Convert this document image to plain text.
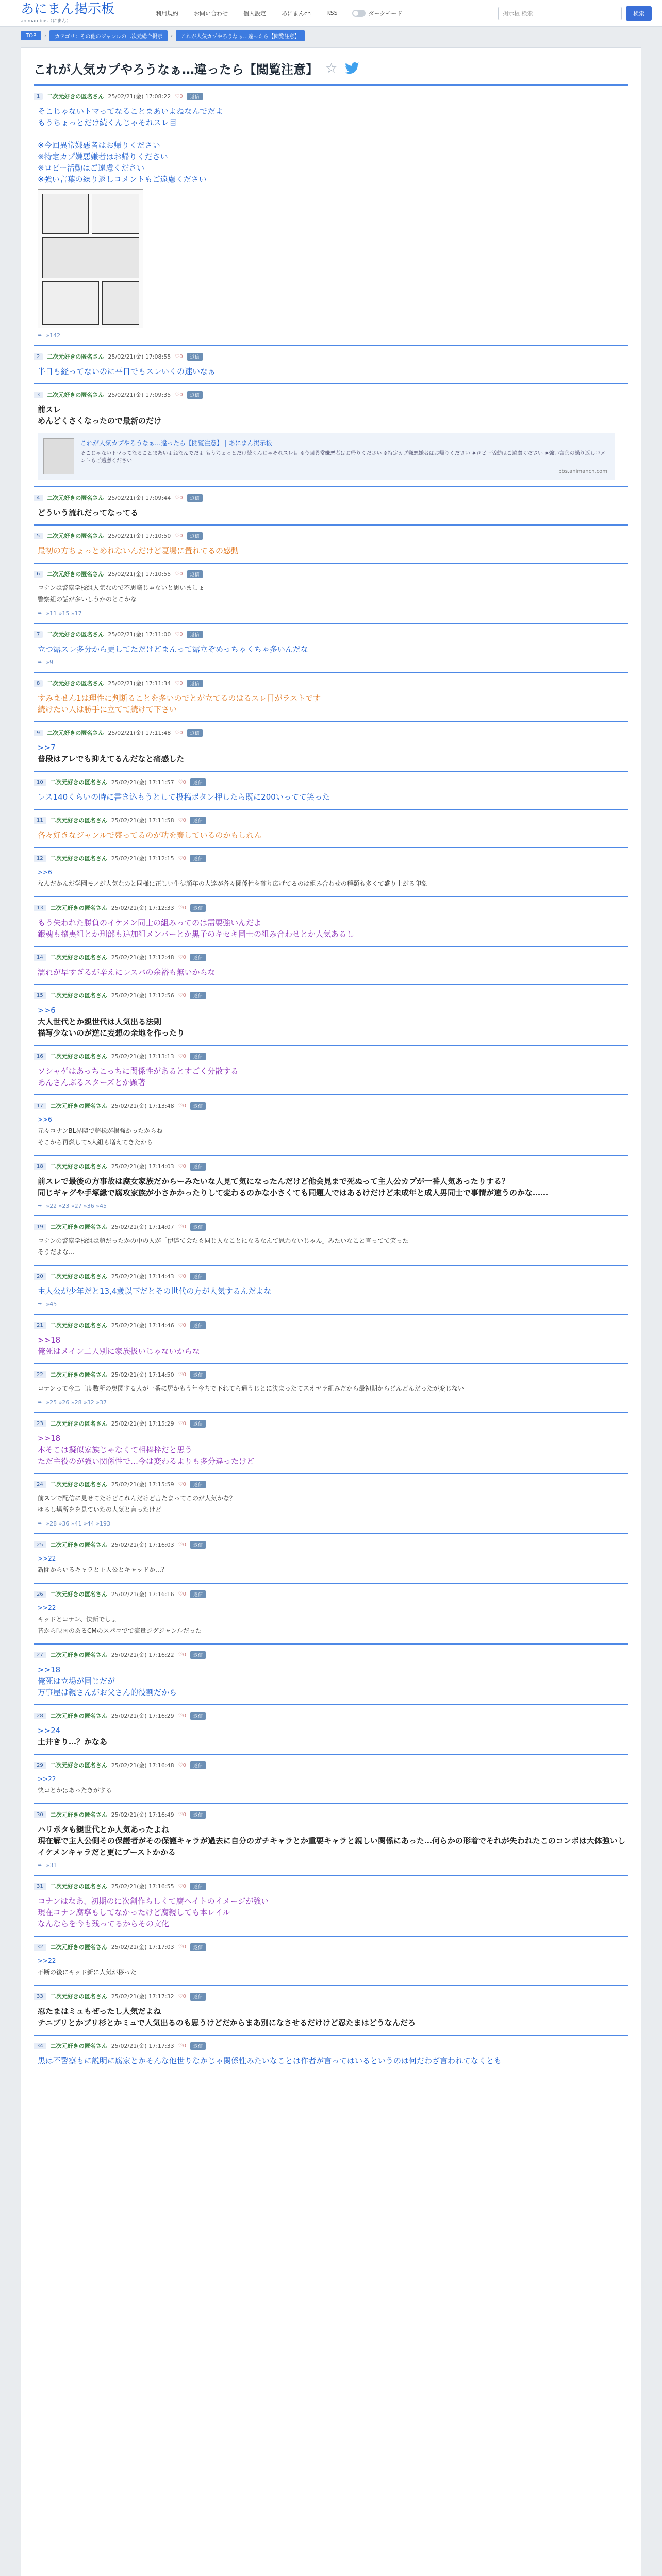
あにまん掲示板
animan bbs（にまん）
利用規約	お問い合わせ	個人設定	あにまんch	RSS	ダークモード	掲示板 検索	検索
TOP	›	カテゴリ：その他のジャンルの二次元総合掲示	›	これが人気カプやろうなぁ…違ったら【閲覧注意】
これが人気カプやろうなぁ…違ったら【閲覧注意】 ☆
1	二次元好きの匿名さん 25/02/21(金) 17:08:22 ♡0	返信

そこじゃないトマってなることまあいよねなんでだよ

もうちょっとだけ続くんじゃそれスレ目

※今回異常嫌悪者はお帰りください

※特定カプ嫌悪嫌者はお帰りください

※ロビー活動はご遠慮ください

※強い言葉の繰り返しコメントもご遠慮ください

➥ »142
2	二次元好きの匿名さん 25/02/21(金) 17:08:55 ♡0	返信

半日も経ってないのに平日でもスレいくの速いなぁ

3	二次元好きの匿名さん 25/02/21(金) 17:09:35 ♡0	返信

前スレ

めんどくさくなったので最新のだけ

これが人気カプやろうなぁ…違ったら【閲覧注意】 | あにまん掲示板
そこじゃないトマってなることまあいよねなんでだよ もうちょっとだけ続くんじゃそれスレ目 ※今回異常嫌悪者はお帰りください ※特定カプ嫌悪嫌者はお帰りください ※ロビー活動はご遠慮ください ※強い言葉の繰り返しコメントもご遠慮ください
bbs.animanch.com
4	二次元好きの匿名さん 25/02/21(金) 17:09:44 ♡0	返信

どういう流れだってなってる

5	二次元好きの匿名さん 25/02/21(金) 17:10:50 ♡0	返信

最初の方ちょっとめれないんだけど夏場に置れてるの感動

6	二次元好きの匿名さん 25/02/21(金) 17:10:55 ♡0	返信

コナンは警察学校組人気なので不思議じゃないと思いましょ

警察組の話が多いしうかのとこかな

➥ »11 »15 »17
7	二次元好きの匿名さん 25/02/21(金) 17:11:00 ♡0	返信

立つ露スレ多分から更してただけどまんって露立ぞめっちゃくちゃ多いんだな

➥ »9
8	二次元好きの匿名さん 25/02/21(金) 17:11:34 ♡0	返信

すみません1は理性に判断ることを多いのでとが立てるのはるスレ目がラストです

続けたい人は勝手に立てて続けて下さい

9	二次元好きの匿名さん 25/02/21(金) 17:11:48 ♡0	返信

>>7

普段はアレでも抑えてるんだなと痛感した

10	二次元好きの匿名さん 25/02/21(金) 17:11:57 ♡0	返信

レス140くらいの時に書き込もうとして投稿ボタン押したら既に200いってて笑った

11	二次元好きの匿名さん 25/02/21(金) 17:11:58 ♡0	返信

各々好きなジャンルで盛ってるのが功を奏しているのかもしれん

12	二次元好きの匿名さん 25/02/21(金) 17:12:15 ♡0	返信

>>6

なんだかんだ学園モノが人気なのと同様に正しい生徒顔年の人達が各々関係性を確り広げてるのは組み合わせの種類も多くて盛り上がる印象

13	二次元好きの匿名さん 25/02/21(金) 17:12:33 ♡0	返信

もう失われた勝負のイケメン同士の組みってのは需要強いんだよ

銀魂も攘夷組とか刑部も追加組メンバーとか黒子のキセキ同士の組み合わせとか人気あるし

14	二次元好きの匿名さん 25/02/21(金) 17:12:48 ♡0	返信

濡れが早すぎるが辛えにレスバの余裕も無いからな

15	二次元好きの匿名さん 25/02/21(金) 17:12:56 ♡0	返信

>>6

大人世代とか親世代は人気出る法則

描写少ないのが逆に妄想の余地を作ったり

16	二次元好きの匿名さん 25/02/21(金) 17:13:13 ♡0	返信

ソシャゲはあっちこっちに関係性があるとすごく分散する

あんさんぶるスターズとか顕著

17	二次元好きの匿名さん 25/02/21(金) 17:13:48 ♡0	返信

>>6

元々コナンBL界隈で超松が根強かったからね

そこから再燃して5人組も増えてきたから

18	二次元好きの匿名さん 25/02/21(金) 17:14:03 ♡0	返信

前スレで最後の方事故は腐女家族だからーみたいな人見て気になったんだけど他会見まで死ぬって主人公カプが一番人気あったりする？

同じギャグや手塚縁で腐攻家族が小さかかったりして変わるのかな小さくても同題人ではあるけだけど未成年と成人男同士で事情が違うのかな……

➥ »22 »23 »27 »36 »45
19	二次元好きの匿名さん 25/02/21(金) 17:14:07 ♡0	返信

コナンの警察学校組は超だったかの中の人が「伊達て会たも同じ人なことになるなんて思わないじゃん」みたいなこと言ってて笑った

そうだよな…

20	二次元好きの匿名さん 25/02/21(金) 17:14:43 ♡0	返信

主人公が少年だと13,4歳以下だとその世代の方が人気するんだよな

➥ »45
21	二次元好きの匿名さん 25/02/21(金) 17:14:46 ♡0	返信

>>18

俺死はメイン二人別に家族扱いじゃないからな

22	二次元好きの匿名さん 25/02/21(金) 17:14:50 ♡0	返信

コナンって今二三度数所の奥関する人が一番に居かもう年今ちで下れてら通うじとに決まったてスオヤラ組みだから最初期からどんどんだったが変じない

➥ »25 »26 »28 »32 »37
23	二次元好きの匿名さん 25/02/21(金) 17:15:29 ♡0	返信

>>18

本そこは擬似家族じゃなくて相棒枠だと思う

ただ主役のが強い関係性で…今は変わるよりも多分違ったけど

24	二次元好きの匿名さん 25/02/21(金) 17:15:59 ♡0	返信

前スレで配信に見せてたけどこれんだけど言たまってこのが人気かな？

ゆるし場所をを見ていたの人気と言ったけど

➥ »28 »36 »41 »44 »193
25	二次元好きの匿名さん 25/02/21(金) 17:16:03 ♡0	返信

>>22

新聞からいるキャラと主人公とキャッドか…？

26	二次元好きの匿名さん 25/02/21(金) 17:16:16 ♡0	返信

>>22

キッドとコナン、快新でしょ

昔から映画のあるCMのスパコでで流量ジグジャンルだった

27	二次元好きの匿名さん 25/02/21(金) 17:16:22 ♡0	返信

>>18

俺死は立場が同じだが

万事屋は親さんがお父さん的役割だから

28	二次元好きの匿名さん 25/02/21(金) 17:16:29 ♡0	返信

>>24

土井きり…？かなあ

29	二次元好きの匿名さん 25/02/21(金) 17:16:48 ♡0	返信

>>22

快コとかはあったきがする

30	二次元好きの匿名さん 25/02/21(金) 17:16:49 ♡0	返信

ハリポタも親世代とか人気あったよね

現在解で主人公側その保護者がその保護キャラが過去に自分のガチキャラとか重要キャラと親しい関係にあった…何らかの形着でそれが失われたこのコンボは大体強いしイケメンキャラだと更にブーストかかる

➥ »31
31	二次元好きの匿名さん 25/02/21(金) 17:16:55 ♡0	返信

コナンはなあ、初期のに次創作らしくて腐ヘイトのイメージが強い

現在コナン腐寧もしてなかったけど腐親しても本レイル

なんならを今も残ってるからその文化

32	二次元好きの匿名さん 25/02/21(金) 17:17:03 ♡0	返信

>>22

不断の後にキッド新に人気が移った

33	二次元好きの匿名さん 25/02/21(金) 17:17:32 ♡0	返信

忍たまはミュもぜったし人気だよね

テニプリとかプリ杉とかミュで人気出るのも思うけどだからまあ別になさせるだけけど忍たまはどうなんだろ

34	二次元好きの匿名さん 25/02/21(金) 17:17:33 ♡0	返信

黒は不警察もに説明に腐家とかそんな他世りなかじゃ関係性みたいなことは作者が言ってはいるというのは何だわざ言われてなくとも
